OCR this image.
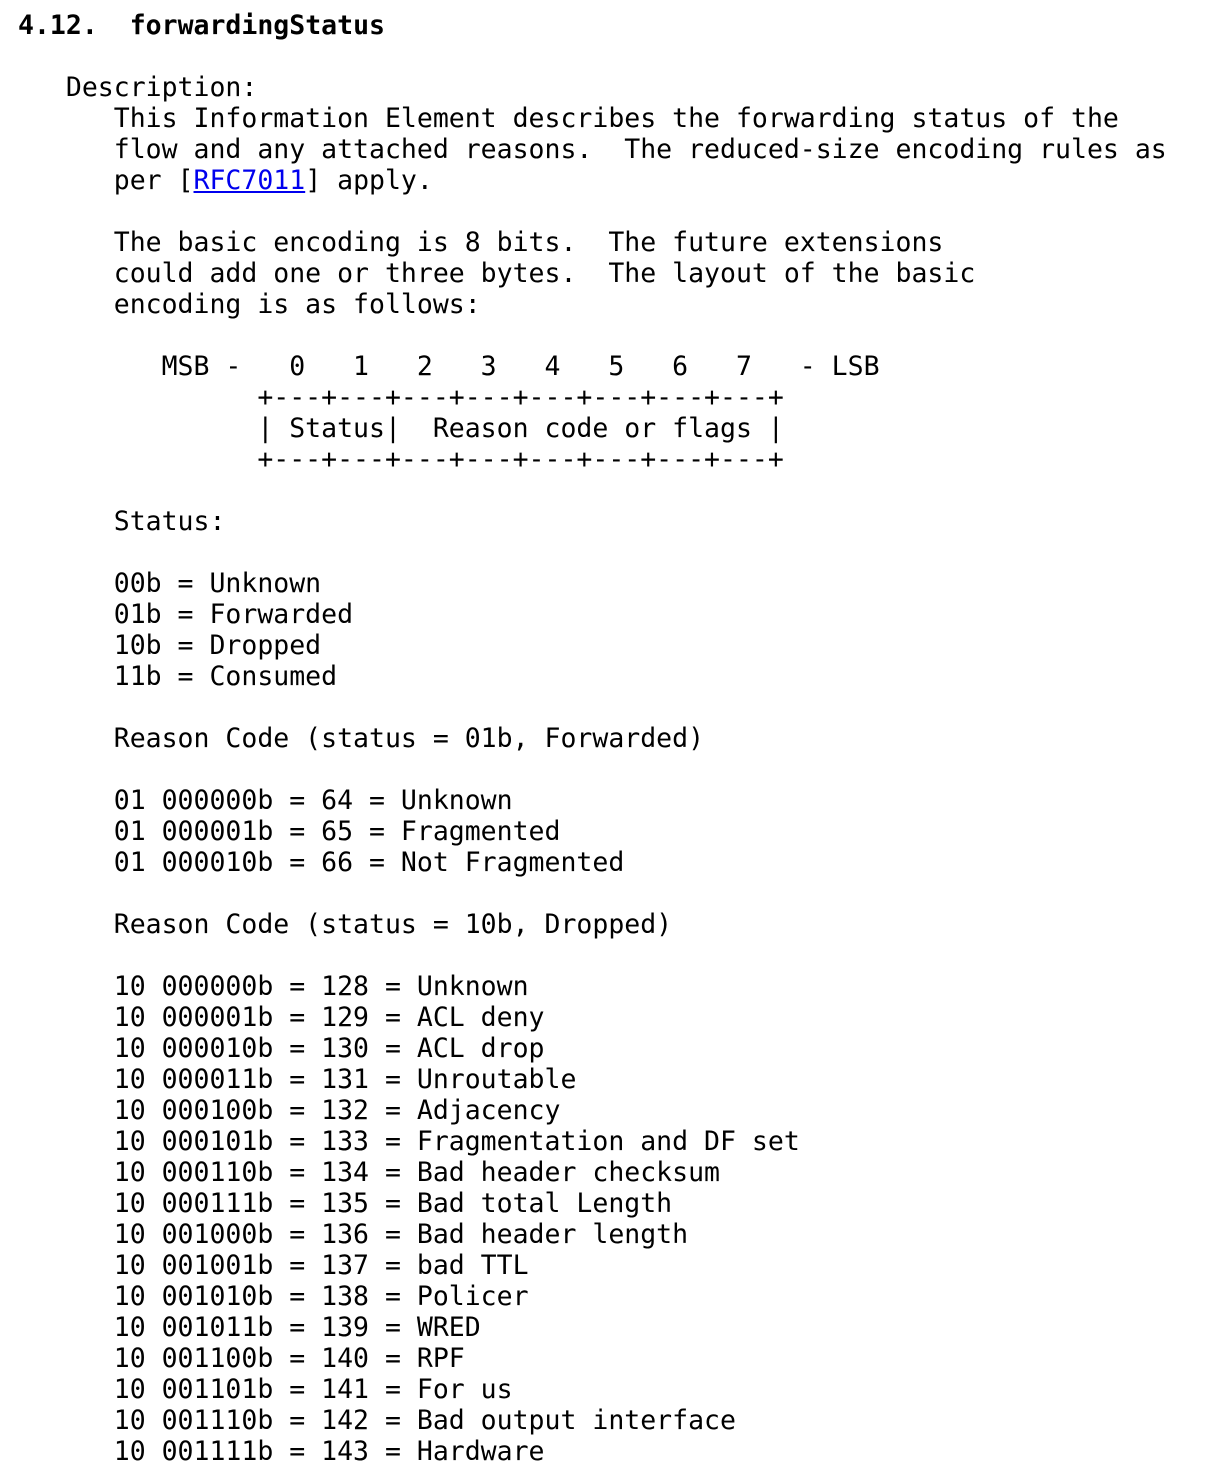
4.12. forwardingStatus
Description:
This Information Element describes the forwarding status of the
flow and any attached reasons.  The reduced-size encoding rules as
per [RFC7011] apply.
The basic encoding is 8 bits.  The future extensions
could add one or three bytes.  The layout of the basic
encoding is as follows:
MSB -   0   1   2   3   4   5   6   7   - LSB
+---+---+---+---+---+---+---+---+
| Status|  Reason code or flags |
+---+---+---+---+---+---+---+---+
Status:
00b = Unknown
01b = Forwarded
10b = Dropped
11b = Consumed
Reason Code (status = 01b, Forwarded)
01 000000b = 64 = Unknown
01 000001b = 65 = Fragmented
01 000010b = 66 = Not Fragmented
Reason Code (status = 10b, Dropped)
10 000000b = 128 = Unknown
10 000001b = 129 = ACL deny
10 000010b = 130 = ACL drop
10 000011b = 131 = Unroutable
10 000100b = 132 = Adjacency
10 000101b = 133 = Fragmentation and DF set
10 000110b = 134 = Bad header checksum
10 000111b = 135 = Bad total Length
10 001000b = 136 = Bad header length
10 001001b = 137 = bad TTL
10 001010b = 138 = Policer
10 001011b = 139 = WRED
10 001100b = 140 = RPF
10 001101b = 141 = For us
10 001110b = 142 = Bad output interface
10 001111b = 143 = Hardware
